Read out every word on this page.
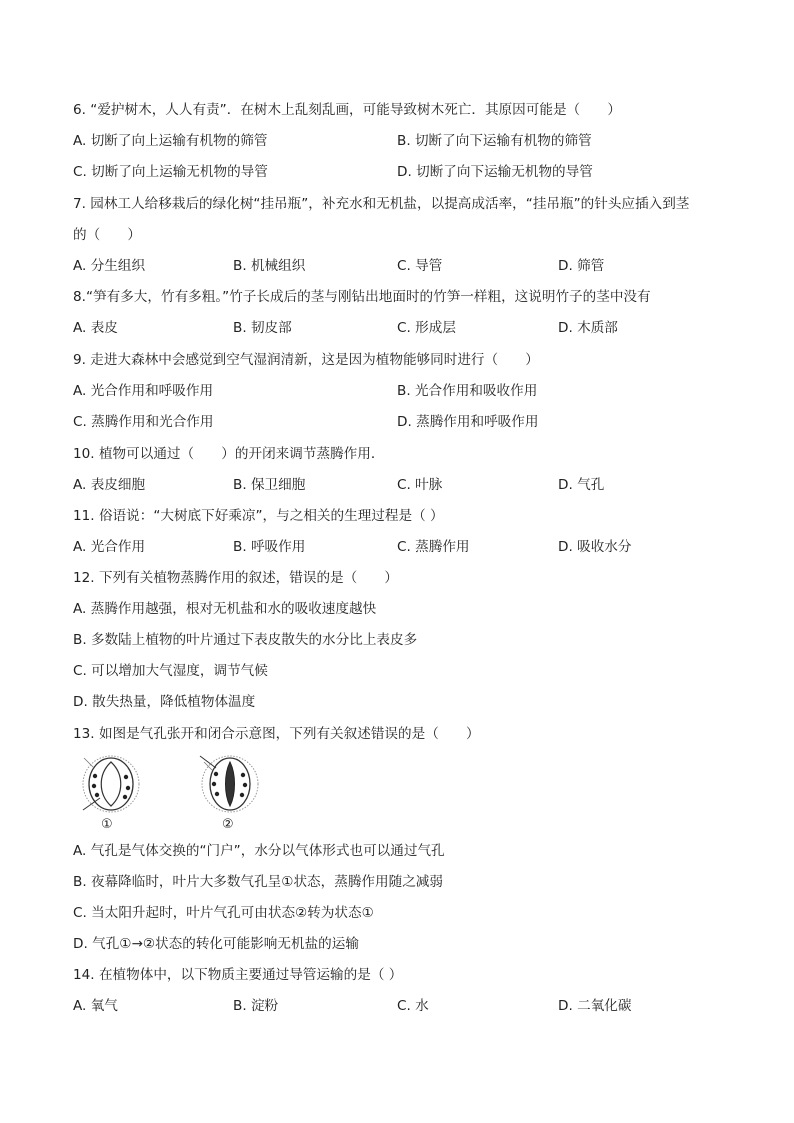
6. “爱护树木，人人有责”．在树木上乱刻乱画，可能导致树木死亡．其原因可能是（　　）
A. 切断了向上运输有机物的筛管	B. 切断了向下运输有机物的筛管
C. 切断了向上运输无机物的导管	D. 切断了向下运输无机物的导管
7. 园林工人给移栽后的绿化树“挂吊瓶”，补充水和无机盐，以提高成活率，“挂吊瓶”的针头应插入到茎
的（　　）
A. 分生组织	B. 机械组织	C. 导管	D. 筛管
8.“笋有多大，竹有多粗。”竹子长成后的茎与刚钻出地面时的竹笋一样粗，这说明竹子的茎中没有
A. 表皮	B. 韧皮部	C. 形成层	D. 木质部
9. 走进大森林中会感觉到空气湿润清新，这是因为植物能够同时进行（　　）
A. 光合作用和呼吸作用	B. 光合作用和吸收作用
C. 蒸腾作用和光合作用	D. 蒸腾作用和呼吸作用
10. 植物可以通过（　　）的开闭来调节蒸腾作用．
A. 表皮细胞	B. 保卫细胞	C. 叶脉	D. 气孔
11. 俗语说：“大树底下好乘凉”，与之相关的生理过程是（ ）
A. 光合作用	B. 呼吸作用	C. 蒸腾作用	D. 吸收水分
12. 下列有关植物蒸腾作用的叙述，错误的是（　　）
A. 蒸腾作用越强，根对无机盐和水的吸收速度越快
B. 多数陆上植物的叶片通过下表皮散失的水分比上表皮多
C. 可以增加大气湿度，调节气候
D. 散失热量，降低植物体温度
13. 如图是气孔张开和闭合示意图，下列有关叙述错误的是（　　）
①	②
A. 气孔是气体交换的“门户”，水分以气体形式也可以通过气孔
B. 夜幕降临时，叶片大多数气孔呈①状态，蒸腾作用随之减弱
C. 当太阳升起时，叶片气孔可由状态②转为状态①
D. 气孔①→②状态的转化可能影响无机盐的运输
14. 在植物体中，以下物质主要通过导管运输的是（ ）
A. 氧气	B. 淀粉	C. 水	D. 二氧化碳
